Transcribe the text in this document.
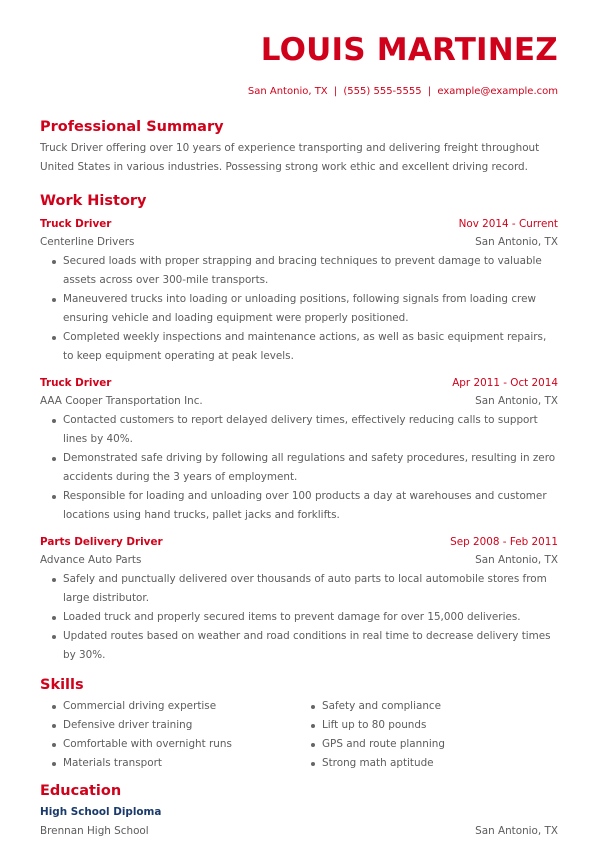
LOUIS MARTINEZ
San Antonio, TX | (555) 555-5555 | example@example.com
Professional Summary
Truck Driver offering over 10 years of experience transporting and delivering freight throughout United States in various industries. Possessing strong work ethic and excellent driving record.
Work History
Truck Driver	Nov 2014 - Current
Centerline Drivers	San Antonio, TX
Secured loads with proper strapping and bracing techniques to prevent damage to valuable assets across over 300-mile transports.
Maneuvered trucks into loading or unloading positions, following signals from loading crew ensuring vehicle and loading equipment were properly positioned.
Completed weekly inspections and maintenance actions, as well as basic equipment repairs, to keep equipment operating at peak levels.
Truck Driver	Apr 2011 - Oct 2014
AAA Cooper Transportation Inc.	San Antonio, TX
Contacted customers to report delayed delivery times, effectively reducing calls to support lines by 40%.
Demonstrated safe driving by following all regulations and safety procedures, resulting in zero accidents during the 3 years of employment.
Responsible for loading and unloading over 100 products a day at warehouses and customer locations using hand trucks, pallet jacks and forklifts.
Parts Delivery Driver	Sep 2008 - Feb 2011
Advance Auto Parts	San Antonio, TX
Safely and punctually delivered over thousands of auto parts to local automobile stores from large distributor.
Loaded truck and properly secured items to prevent damage for over 15,000 deliveries.
Updated routes based on weather and road conditions in real time to decrease delivery times by 30%.
Skills
Commercial driving expertise
Defensive driver training
Comfortable with overnight runs
Materials transport
Safety and compliance
Lift up to 80 pounds
GPS and route planning
Strong math aptitude
Education
High School Diploma
Brennan High School	San Antonio, TX
